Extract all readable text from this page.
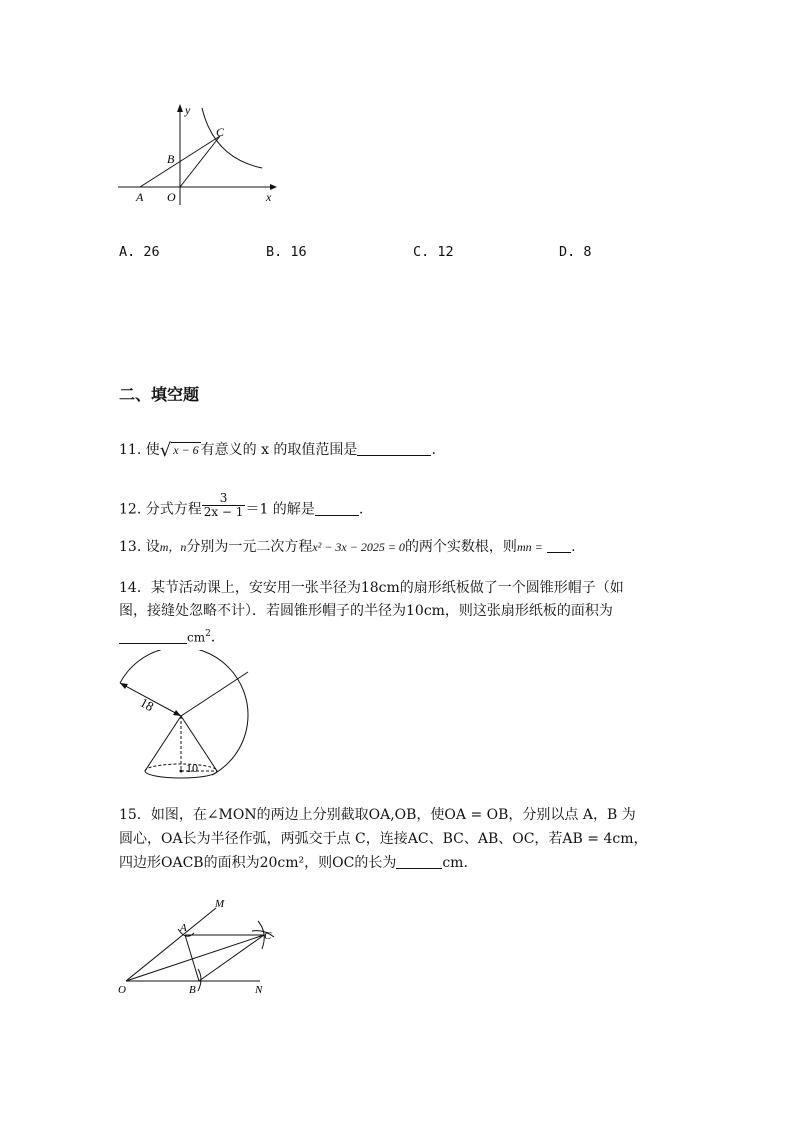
y
C
B
A O	x
A. 26	B. 16	C. 12	D. 8
二、填空题
11. 使√ x − 6 有意义的 x 的取值范围是	.
12. 分式方程 $\frac{3}{2x - 1} =1$ 的解是	.
13. 设m，n分别为一元二次方程x² − 3x − 2025 = 0的两个实数根，则mn = .
14．某节活动课上，安安用一张半径为18cm的扇形纸板做了一个圆锥形帽子（如
图，接缝处忽略不计）．若圆锥形帽子的半径为10cm，则这张扇形纸板的面积为
$cm^2$．
18
10
15．如图，在∠MON的两边上分别截取OA,OB，使OA = OB，分别以点 A，B 为
圆心，OA长为半径作弧，两弧交于点 C，连接AC、BC、AB、OC，若AB = 4cm，
四边形OACB的面积为20cm²，则OC的长为	cm．
M
A
C
O	B	N
